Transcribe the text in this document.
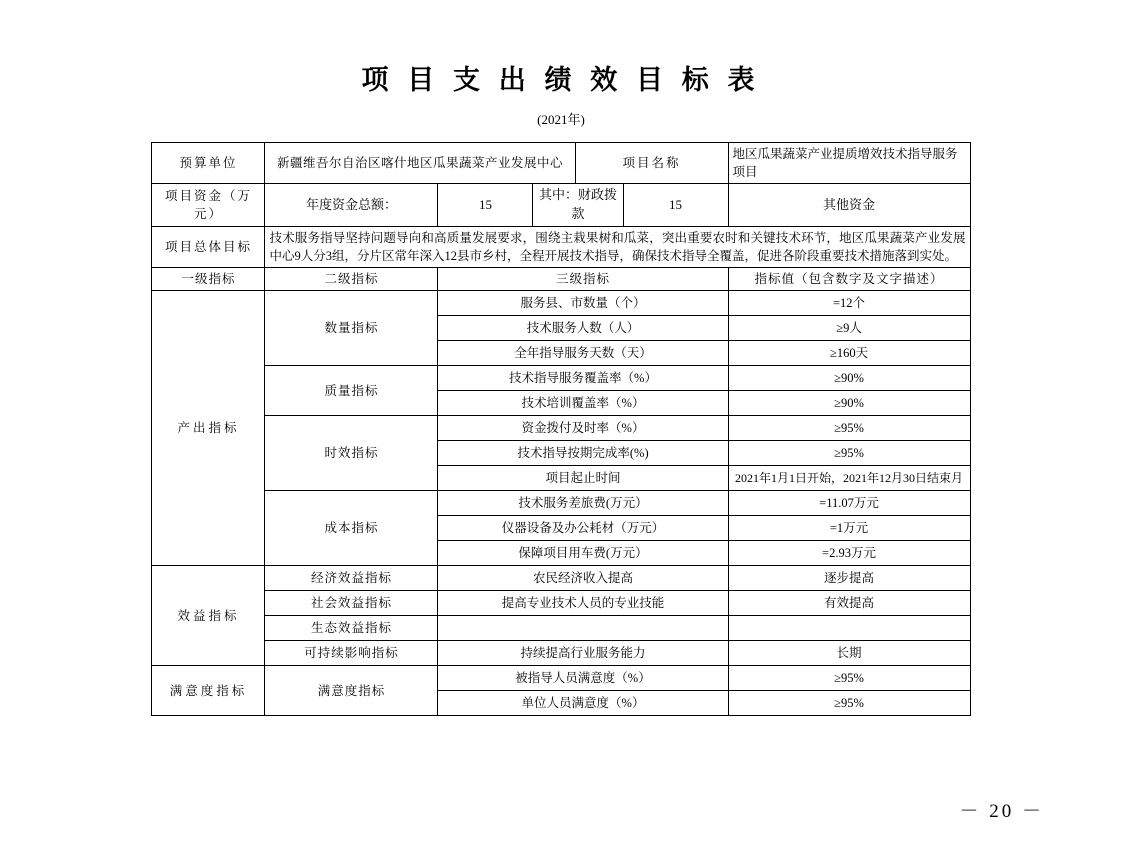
项 目 支 出 绩 效 目 标 表
(2021年)
预算单位	新疆维吾尔自治区喀什地区瓜果蔬菜产业发展中心			项目名称		地区瓜果蔬菜产业提质增效技术指导服务项目
项目资金（万元）	年度资金总额：	15	其中：财政拨款		15	其他资金
项目总体目标	技术服务指导坚持问题导向和高质量发展要求，围绕主栽果树和瓜菜，突出重要农时和关键技术环节，地区瓜果蔬菜产业发展中心9人分3组，分片区常年深入12县市乡村，全程开展技术指导，确保技术指导全覆盖，促进各阶段重要技术措施落到实处。					
一级指标	二级指标	三级指标				指标值（包含数字及文字描述）
产出指标	数量指标	服务县、市数量（个）				=12个
		技术服务人数（人）				≥9人
		全年指导服务天数（天）				≥160天
	质量指标	技术指导服务覆盖率（%）				≥90%
		技术培训覆盖率（%）				≥90%
	时效指标	资金拨付及时率（%）				≥95%
		技术指导按期完成率(%)				≥95%
		项目起止时间				2021年1月1日开始，2021年12月30日结束月
	成本指标	技术服务差旅费(万元）				=11.07万元
		仪器设备及办公耗材（万元）				=1万元
		保障项目用车费(万元）				=2.93万元
效益指标	经济效益指标	农民经济收入提高				逐步提高
	社会效益指标	提高专业技术人员的专业技能				有效提高
	生态效益指标					
	可持续影响指标	持续提高行业服务能力				长期
满意度指标	满意度指标	被指导人员满意度（%）				≥95%
		单位人员满意度（%）				≥95%
－ 20 －
